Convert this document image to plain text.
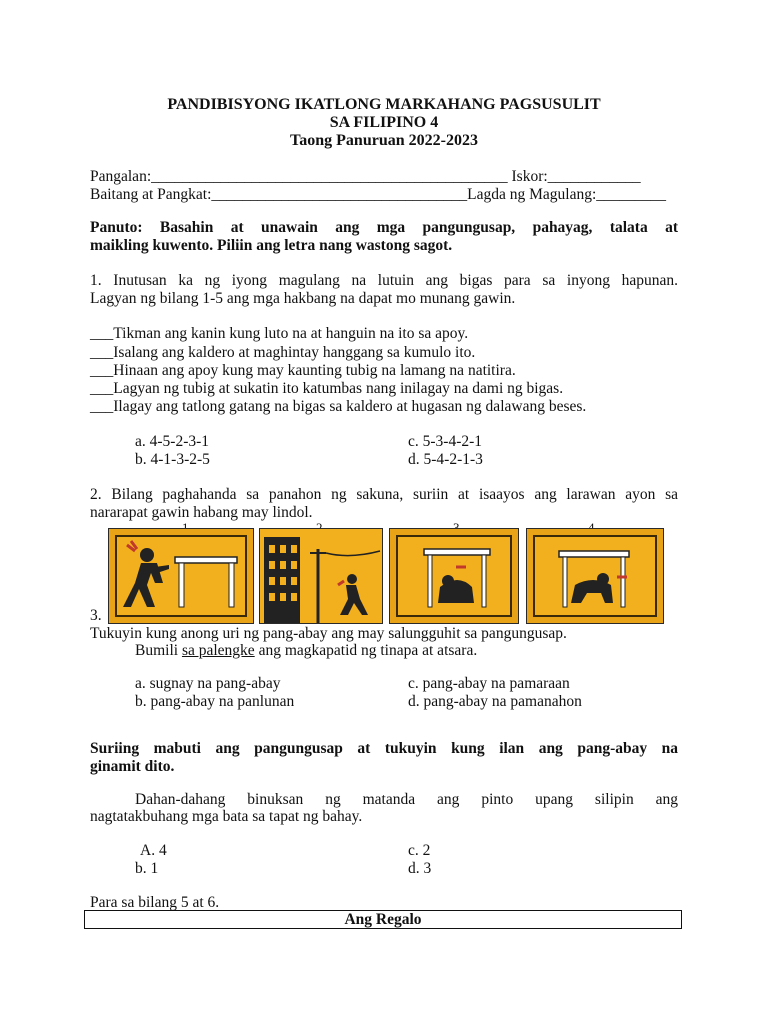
PANDIBISYONG IKATLONG MARKAHANG PAGSUSULIT
SA FILIPINO 4
Taong Panuruan 2022-2023
Pangalan:______________________________________________ Iskor:____________
Baitang at Pangkat:_________________________________Lagda ng Magulang:_________
Panuto: Basahin at unawain ang mga pangungusap, pahayag, talata at
maikling kuwento. Piliin ang letra nang wastong sagot.
1. Inutusan ka ng iyong magulang na lutuin ang bigas para sa inyong hapunan.
Lagyan ng bilang 1-5 ang mga hakbang na dapat mo munang gawin.
___Tikman ang kanin kung luto na at hanguin na ito sa apoy.
___Isalang ang kaldero at maghintay hanggang sa kumulo ito.
___Hinaan ang apoy kung may kaunting tubig na lamang na natitira.
___Lagyan ng tubig at sukatin ito katumbas nang inilagay na dami ng bigas.
___Ilagay ang tatlong gatang na bigas sa kaldero at hugasan ng dalawang beses.
a. 4-5-2-3-1
b. 4-1-3-2-5
c. 5-3-4-2-1
d. 5-4-2-1-3
2. Bilang paghahanda sa panahon ng sakuna, suriin at isaayos ang larawan ayon sa
nararapat gawin habang may lindol.
3.
Tukuyin kung anong uri ng pang-abay ang may salungguhit sa pangungusap.
Bumili sa palengke ang magkapatid ng tinapa at atsara.
a. sugnay na pang-abay
b. pang-abay na panlunan
c. pang-abay na pamaraan
d. pang-abay na pamanahon
Suriing mabuti ang pangungusap at tukuyin kung ilan ang pang-abay na
ginamit dito.
Dahan-dahang binuksan ng matanda ang pinto upang silipin ang
nagtatakbuhang mga bata sa tapat ng bahay.
A. 4
b. 1
c. 2
d. 3
Para sa bilang 5 at 6.
Ang Regalo
